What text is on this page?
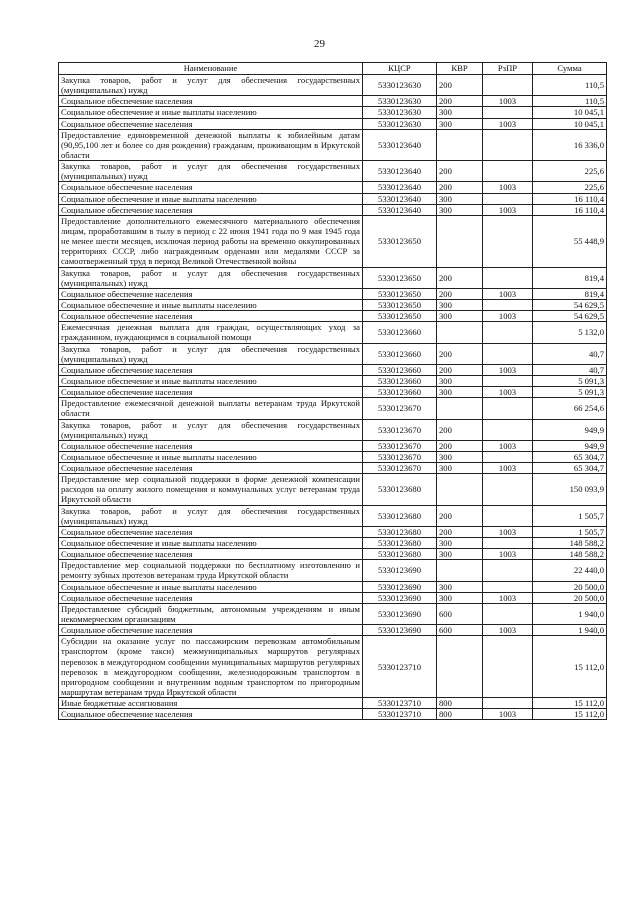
29
Наименование	КЦСР	КВР	РзПР	Сумма
Закупка товаров, работ и услуг для обеспечения государственных (муниципальных) нужд	5330123630	200		110,5
Социальное обеспечение населения	5330123630	200	1003	110,5
Социальное обеспечение и иные выплаты населению	5330123630	300		10 045,1
Социальное обеспечение населения	5330123630	300	1003	10 045,1
Предоставление единовременной денежной выплаты к юбилейным датам (90,95,100 лет и более со дня рождения) гражданам, проживающим в Иркутской области	5330123640			16 336,0
Закупка товаров, работ и услуг для обеспечения государственных (муниципальных) нужд	5330123640	200		225,6
Социальное обеспечение населения	5330123640	200	1003	225,6
Социальное обеспечение и иные выплаты населению	5330123640	300		16 110,4
Социальное обеспечение населения	5330123640	300	1003	16 110,4
Предоставление дополнительного ежемесячного материального обеспечения лицам, проработавшим в тылу в период с 22 июня 1941 года по 9 мая 1945 года не менее шести месяцев, исключая период работы на временно оккупированных территориях СССР, либо награжденным орденами или медалями СССР за самоотверженный труд в период Великой Отечественной войны	5330123650			55 448,9
Закупка товаров, работ и услуг для обеспечения государственных (муниципальных) нужд	5330123650	200		819,4
Социальное обеспечение населения	5330123650	200	1003	819,4
Социальное обеспечение и иные выплаты населению	5330123650	300		54 629,5
Социальное обеспечение населения	5330123650	300	1003	54 629,5
Ежемесячная денежная выплата для граждан, осуществляющих уход за гражданином, нуждающимся в социальной помощи	5330123660			5 132,0
Закупка товаров, работ и услуг для обеспечения государственных (муниципальных) нужд	5330123660	200		40,7
Социальное обеспечение населения	5330123660	200	1003	40,7
Социальное обеспечение и иные выплаты населению	5330123660	300		5 091,3
Социальное обеспечение населения	5330123660	300	1003	5 091,3
Предоставление ежемесячной денежной выплаты ветеранам труда Иркутской области	5330123670			66 254,6
Закупка товаров, работ и услуг для обеспечения государственных (муниципальных) нужд	5330123670	200		949,9
Социальное обеспечение населения	5330123670	200	1003	949,9
Социальное обеспечение и иные выплаты населению	5330123670	300		65 304,7
Социальное обеспечение населения	5330123670	300	1003	65 304,7
Предоставление мер социальной поддержки в форме денежной компенсации расходов на оплату жилого помещения и коммунальных услуг ветеранам труда Иркутской области	5330123680			150 093,9
Закупка товаров, работ и услуг для обеспечения государственных (муниципальных) нужд	5330123680	200		1 505,7
Социальное обеспечение населения	5330123680	200	1003	1 505,7
Социальное обеспечение и иные выплаты населению	5330123680	300		148 588,2
Социальное обеспечение населения	5330123680	300	1003	148 588,2
Предоставление мер социальной поддержки по бесплатному изготовлению и ремонту зубных протезов ветеранам труда Иркутской области	5330123690			22 440,0
Социальное обеспечение и иные выплаты населению	5330123690	300		20 500,0
Социальное обеспечение населения	5330123690	300	1003	20 500,0
Предоставление субсидий бюджетным, автономным учреждениям и иным некоммерческим организациям	5330123690	600		1 940,0
Социальное обеспечение населения	5330123690	600	1003	1 940,0
Субсидии на оказание услуг по пассажирским перевозкам автомобильным транспортом (кроме такси) межмуниципальных маршрутов регулярных перевозок в междугородном сообщении муниципальных маршрутов регулярных перевозок в междугородном сообщении, железнодорожным транспортом в пригородном сообщении и внутренним водным транспортом по пригородным маршрутам ветеранам труда Иркутской области	5330123710			15 112,0
Иные бюджетные ассигнования	5330123710	800		15 112,0
Социальное обеспечение населения	5330123710	800	1003	15 112,0
